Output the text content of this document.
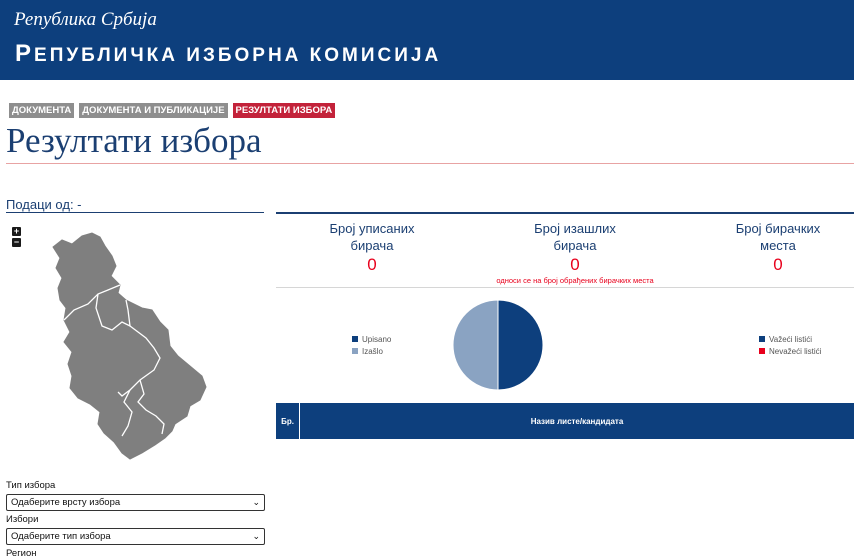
Република Србија
РЕПУБЛИЧКА ИЗБОРНА КОМИСИЈА
ДОКУМЕНТА	ДОКУМЕНТА И ПУБЛИКАЦИЈЕ	РЕЗУЛТАТИ ИЗБОРА
Резултати избора
Подаци од: -
+
−
Број уписаних
бирача
0
Број изашлих
бирача
0
Број бирачких
места
0
односи се на број обрађених бирачких места
Upisano
Izašlo
Važeći listići
Nevažeći listići
Бр.	Назив листе/кандидата
Тип избора
Одаберите врсту избора	⌄
Избори
Одаберите тип избора	⌄
Регион
